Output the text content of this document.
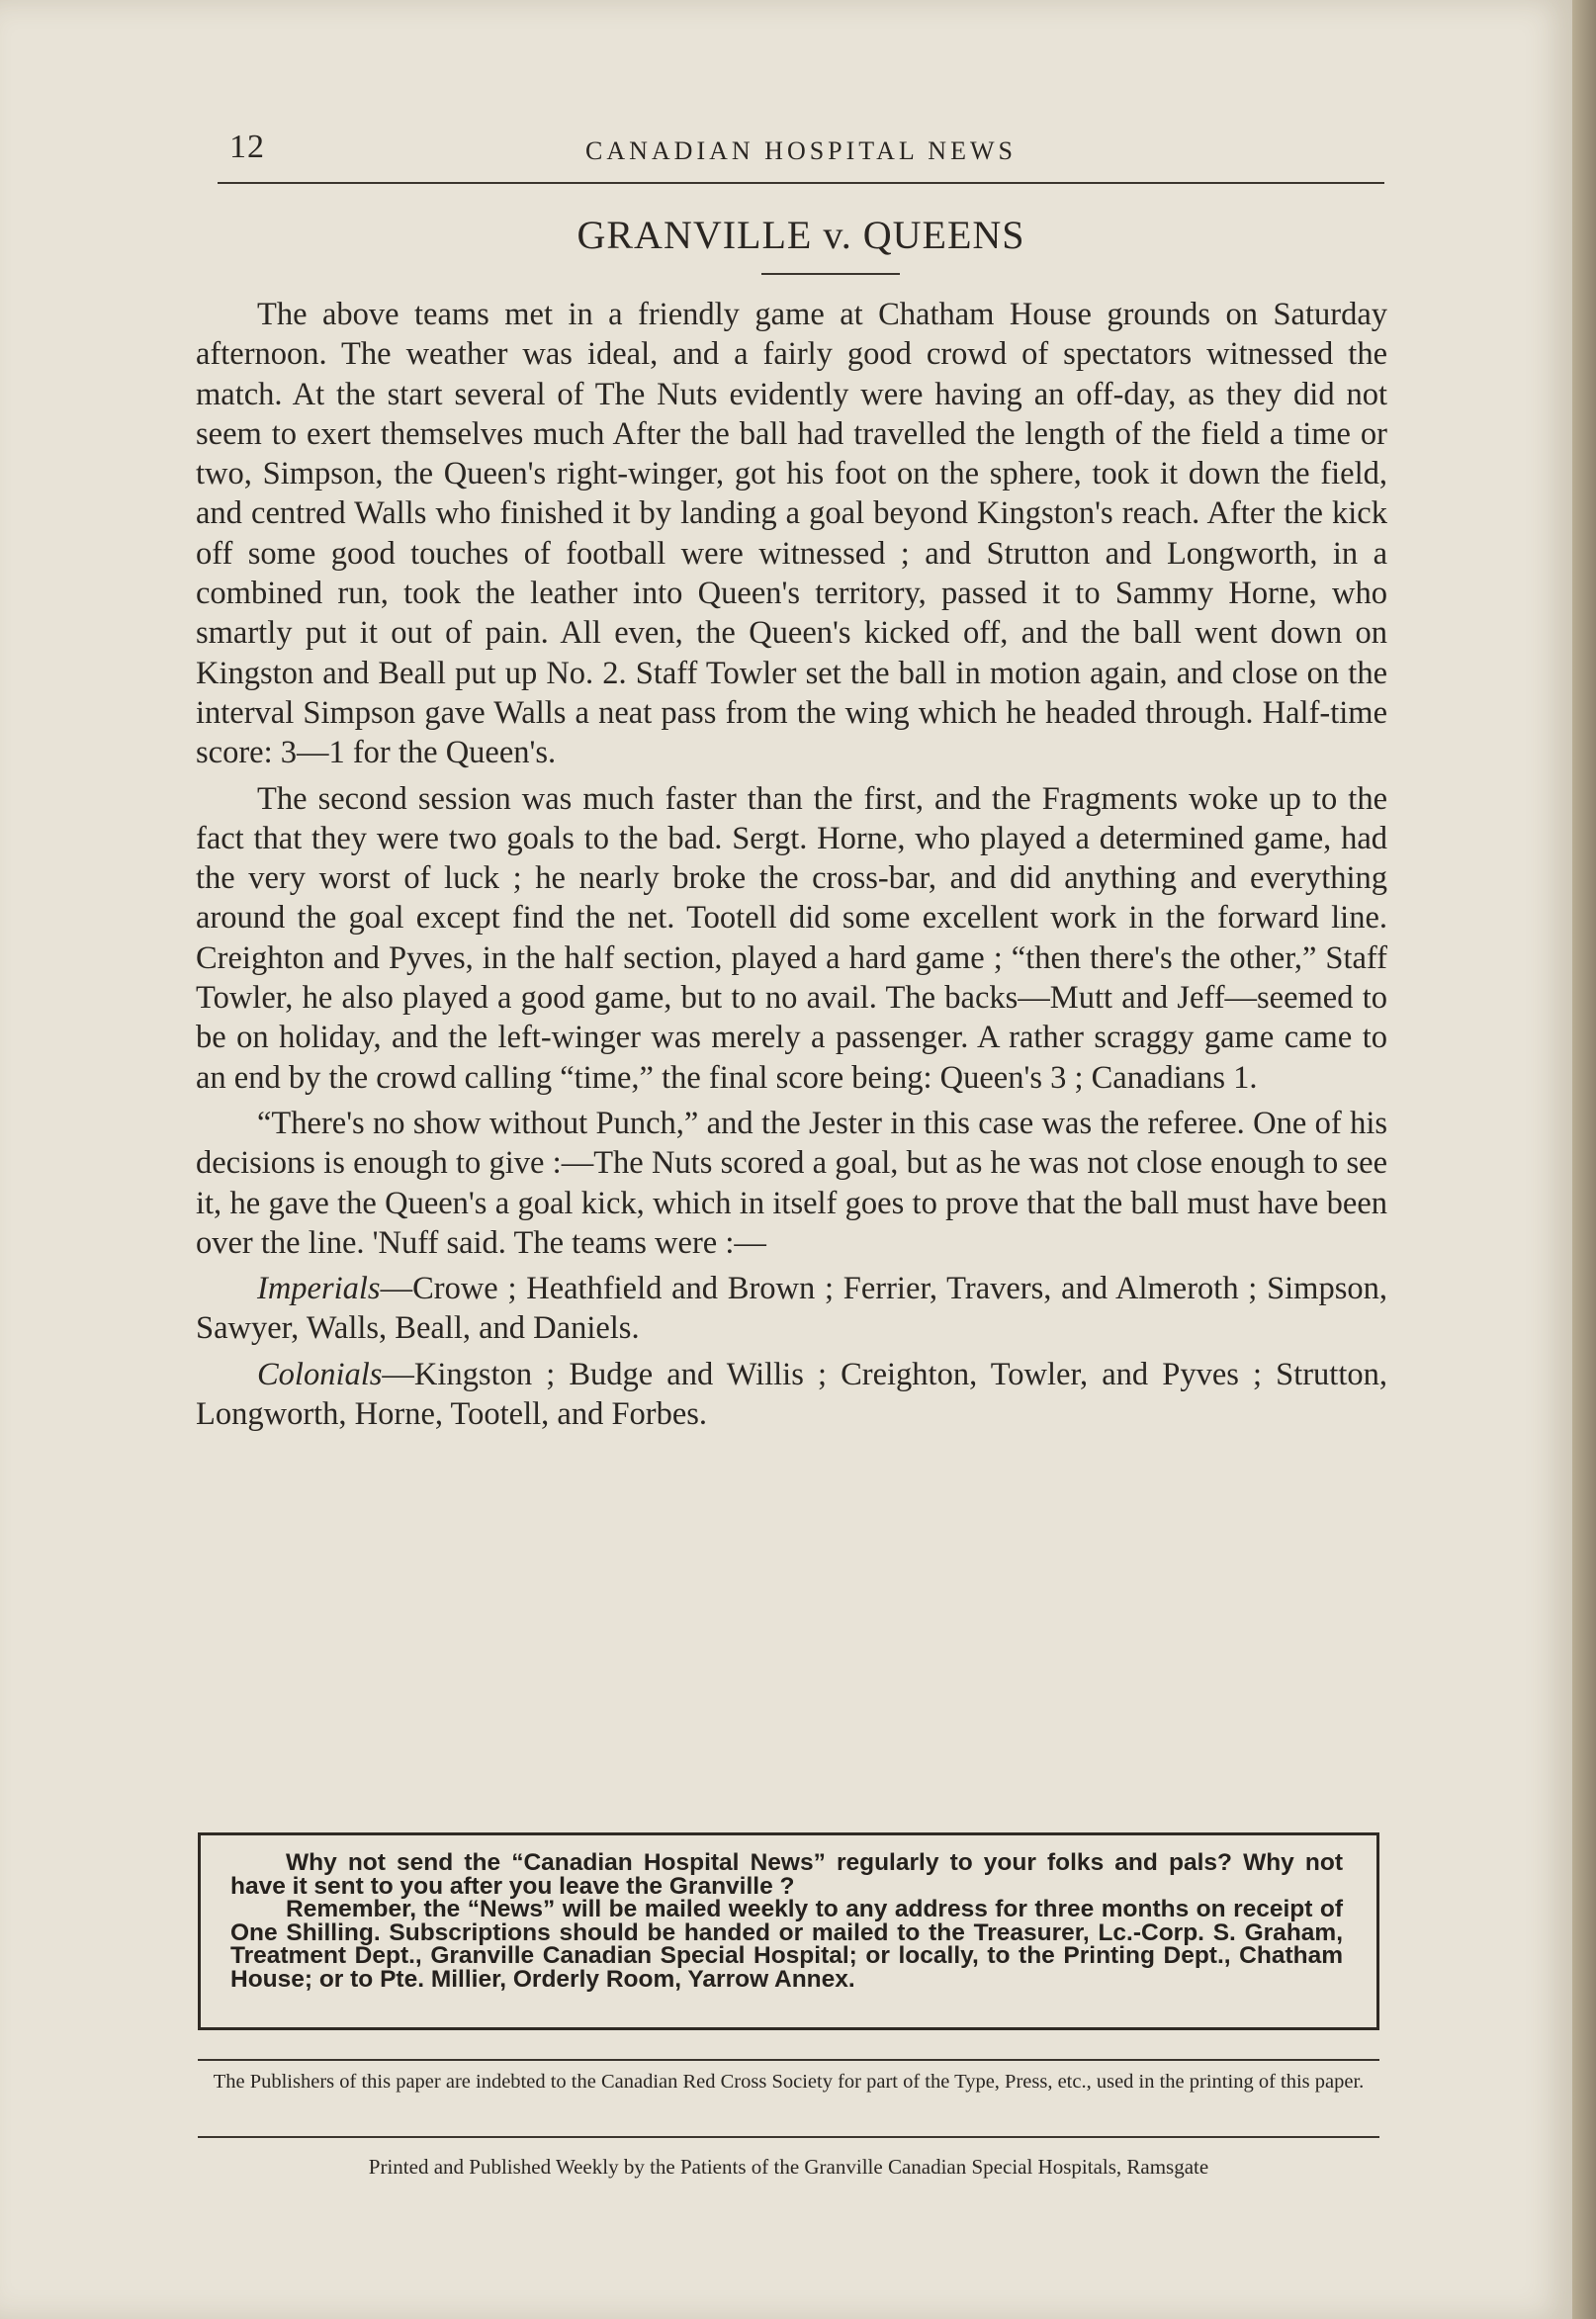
12	CANADIAN HOSPITAL NEWS
GRANVILLE v. QUEENS

The above teams met in a friendly game at Chatham House grounds on Saturday afternoon. The weather was ideal, and a fairly good crowd of spectators witnessed the match. At the start several of The Nuts evidently were having an off-day, as they did not seem to exert themselves much After the ball had travelled the length of the field a time or two, Simpson, the Queen's right-winger, got his foot on the sphere, took it down the field, and centred Walls who finished it by landing a goal beyond Kingston's reach. After the kick off some good touches of football were witnessed ; and Strutton and Longworth, in a combined run, took the leather into Queen's territory, passed it to Sammy Horne, who smartly put it out of pain. All even, the Queen's kicked off, and the ball went down on Kingston and Beall put up No. 2. Staff Towler set the ball in motion again, and close on the interval Simpson gave Walls a neat pass from the wing which he headed through. Half-time score: 3—1 for the Queen's.

The second session was much faster than the first, and the Fragments woke up to the fact that they were two goals to the bad. Sergt. Horne, who played a determined game, had the very worst of luck ; he nearly broke the cross-bar, and did anything and everything around the goal except find the net. Tootell did some excellent work in the forward line. Creighton and Pyves, in the half section, played a hard game ; “then there's the other,” Staff Towler, he also played a good game, but to no avail. The backs—Mutt and Jeff—seemed to be on holiday, and the left-winger was merely a passenger. A rather scraggy game came to an end by the crowd calling “time,” the final score being: Queen's 3 ; Canadians 1.

“There's no show without Punch,” and the Jester in this case was the referee. One of his decisions is enough to give :—The Nuts scored a goal, but as he was not close enough to see it, he gave the Queen's a goal kick, which in itself goes to prove that the ball must have been over the line. 'Nuff said. The teams were :—

Imperials—Crowe ; Heathfield and Brown ; Ferrier, Travers, and Almeroth ; Simpson, Sawyer, Walls, Beall, and Daniels.

Colonials—Kingston ; Budge and Willis ; Creighton, Towler, and Pyves ; Strutton, Longworth, Horne, Tootell, and Forbes.

Why not send the “Canadian Hospital News” regularly to your folks and pals? Why not have it sent to you after you leave the Granville ?

Remember, the “News” will be mailed weekly to any address for three months on receipt of One Shilling. Subscriptions should be handed or mailed to the Treasurer, Lc.-Corp. S. Graham, Treatment Dept., Granville Canadian Special Hospital; or locally, to the Printing Dept., Chatham House; or to Pte. Millier, Orderly Room, Yarrow Annex.

The Publishers of this paper are indebted to the Canadian Red Cross Society for part of the Type, Press, etc., used in the printing of this paper.
Printed and Published Weekly by the Patients of the Granville Canadian Special Hospitals, Ramsgate
